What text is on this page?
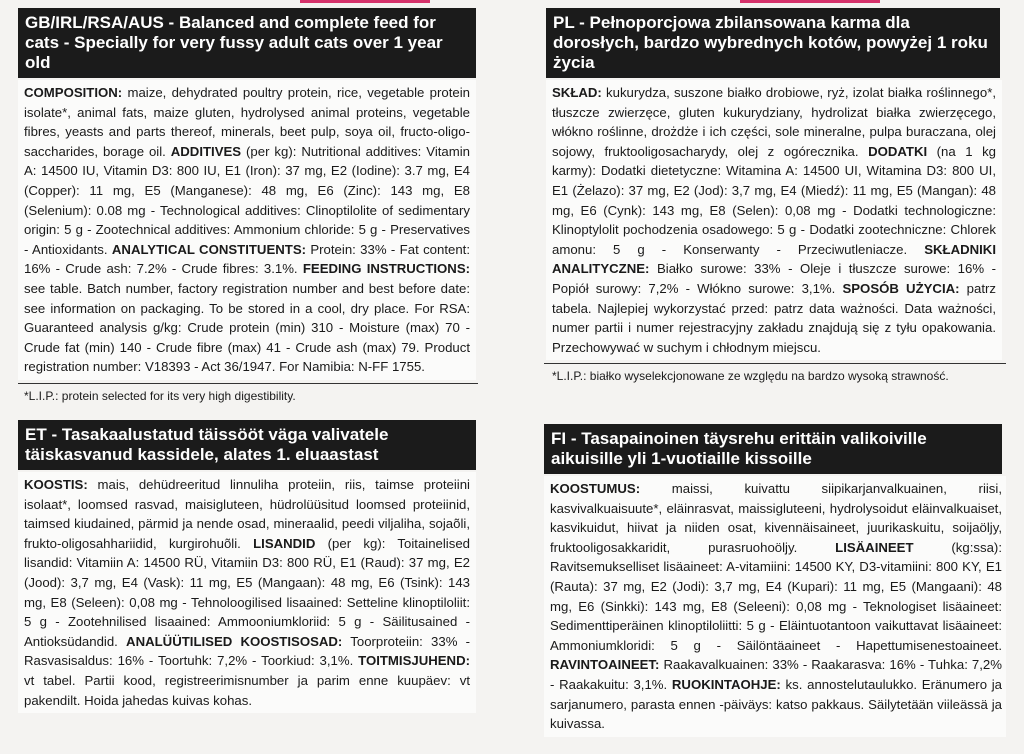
GB/IRL/RSA/AUS - Balanced and complete feed for cats - Specially for very fussy adult cats over 1 year old
COMPOSITION: maize, dehydrated poultry protein, rice, vegetable protein isolate*, animal fats, maize gluten, hydrolysed animal proteins, vegetable fibres, yeasts and parts thereof, minerals, beet pulp, soya oil, fructo-oligo-saccharides, borage oil. ADDITIVES (per kg): Nutritional additives: Vitamin A: 14500 IU, Vitamin D3: 800 IU, E1 (Iron): 37 mg, E2 (Iodine): 3.7 mg, E4 (Copper): 11 mg, E5 (Manganese): 48 mg, E6 (Zinc): 143 mg, E8 (Selenium): 0.08 mg - Technological additives: Clinoptilolite of sedimentary origin: 5 g - Zootechnical additives: Ammonium chloride: 5 g - Preservatives - Antioxidants. ANALYTICAL CONSTITUENTS: Protein: 33% - Fat content: 16% - Crude ash: 7.2% - Crude fibres: 3.1%. FEEDING INSTRUCTIONS: see table. Batch number, factory registration number and best before date: see information on packaging. To be stored in a cool, dry place. For RSA: Guaranteed analysis g/kg: Crude protein (min) 310 - Moisture (max) 70 - Crude fat (min) 140 - Crude fibre (max) 41 - Crude ash (max) 79. Product registration number: V18393 - Act 36/1947. For Namibia: N-FF 1755.
*L.I.P.: protein selected for its very high digestibility.
PL - Pełnoporcjowa zbilansowana karma dla dorosłych, bardzo wybrednych kotów, powyżej 1 roku życia
SKŁAD: kukurydza, suszone białko drobiowe, ryż, izolat białka roślinnego*, tłuszcze zwierzęce, gluten kukurydziany, hydrolizat białka zwierzęcego, włókno roślinne, drożdże i ich części, sole mineralne, pulpa buraczana, olej sojowy, fruktooligosacharydy, olej z ogórecznika. DODATKI (na 1 kg karmy): Dodatki dietetyczne: Witamina A: 14500 UI, Witamina D3: 800 UI, E1 (Żelazo): 37 mg, E2 (Jod): 3,7 mg, E4 (Miedź): 11 mg, E5 (Mangan): 48 mg, E6 (Cynk): 143 mg, E8 (Selen): 0,08 mg - Dodatki technologiczne: Klinoptylolit pochodzenia osadowego: 5 g - Dodatki zootechniczne: Chlorek amonu: 5 g - Konserwanty - Przeciwutleniacze. SKŁADNIKI ANALITYCZNE: Białko surowe: 33% - Oleje i tłuszcze surowe: 16% - Popiół surowy: 7,2% - Włókno surowe: 3,1%. SPOSÓB UŻYCIA: patrz tabela. Najlepiej wykorzystać przed: patrz data ważności. Data ważności, numer partii i numer rejestracyjny zakładu znajdują się z tyłu opakowania. Przechowywać w suchym i chłodnym miejscu.
*L.I.P.: białko wyselekcjonowane ze względu na bardzo wysoką strawność.
ET - Tasakaalustatud täissööt väga valivatele täiskasvanud kassidele, alates 1. eluaastast
KOOSTIS: mais, dehüdreeritud linnuliha proteiin, riis, taimse proteiini isolaat*, loomsed rasvad, maisigluteen, hüdrolüüsitud loomsed proteiinid, taimsed kiudained, pärmid ja nende osad, mineraalid, peedi viljaliha, sojaõli, frukto-oligosahhariidid, kurgirohuõli. LISANDID (per kg): Toitainelised lisandid: Vitamiin A: 14500 RÜ, Vitamiin D3: 800 RÜ, E1 (Raud): 37 mg, E2 (Jood): 3,7 mg, E4 (Vask): 11 mg, E5 (Mangaan): 48 mg, E6 (Tsink): 143 mg, E8 (Seleen): 0,08 mg - Tehnoloogilised lisaained: Setteline klinoptiloliit: 5 g - Zootehnilised lisaained: Ammooniumkloriid: 5 g - Säilitusained - Antioksüdandid. ANALÜÜTILISED KOOSTISOSAD: Toorproteiin: 33% - Rasvasisaldus: 16% - Toortuhk: 7,2% - Toorkiud: 3,1%. TOITMISJUHEND: vt tabel. Partii kood, registreerimisnumber ja parim enne kuupäev: vt pakendilt. Hoida jahedas kuivas kohas.
FI - Tasapainoinen täysrehu erittäin valikoiville aikuisille yli 1-vuotiaille kissoille
KOOSTUMUS: maissi, kuivattu siipikarjanvalkuainen, riisi, kasvivalkuaisuute*, eläinrasvat, maissigluteeni, hydrolysoidut eläinvalkuaiset, kasvikuidut, hiivat ja niiden osat, kivennäisaineet, juurikaskuitu, soijaöljy, fruktooligosakkaridit, purasruohoöljy. LISÄAINEET (kg:ssa): Ravitsemukselliset lisäaineet: A-vitamiini: 14500 KY, D3-vitamiini: 800 KY, E1 (Rauta): 37 mg, E2 (Jodi): 3,7 mg, E4 (Kupari): 11 mg, E5 (Mangaani): 48 mg, E6 (Sinkki): 143 mg, E8 (Seleeni): 0,08 mg - Teknologiset lisäaineet: Sedimenttiperäinen klinoptiloliitti: 5 g - Eläintuotantoon vaikuttavat lisäaineet: Ammoniumkloridi: 5 g - Säilöntäaineet - Hapettumisenestoaineet. RAVINTOAINEET: Raakavalkuainen: 33% - Raakarasva: 16% - Tuhka: 7,2% - Raakakuitu: 3,1%. RUOKINTAOHJE: ks. annostelutaulukko. Eränumero ja sarjanumero, parasta ennen -päiväys: katso pakkaus. Säilytetään viileässä ja kuivassa.
